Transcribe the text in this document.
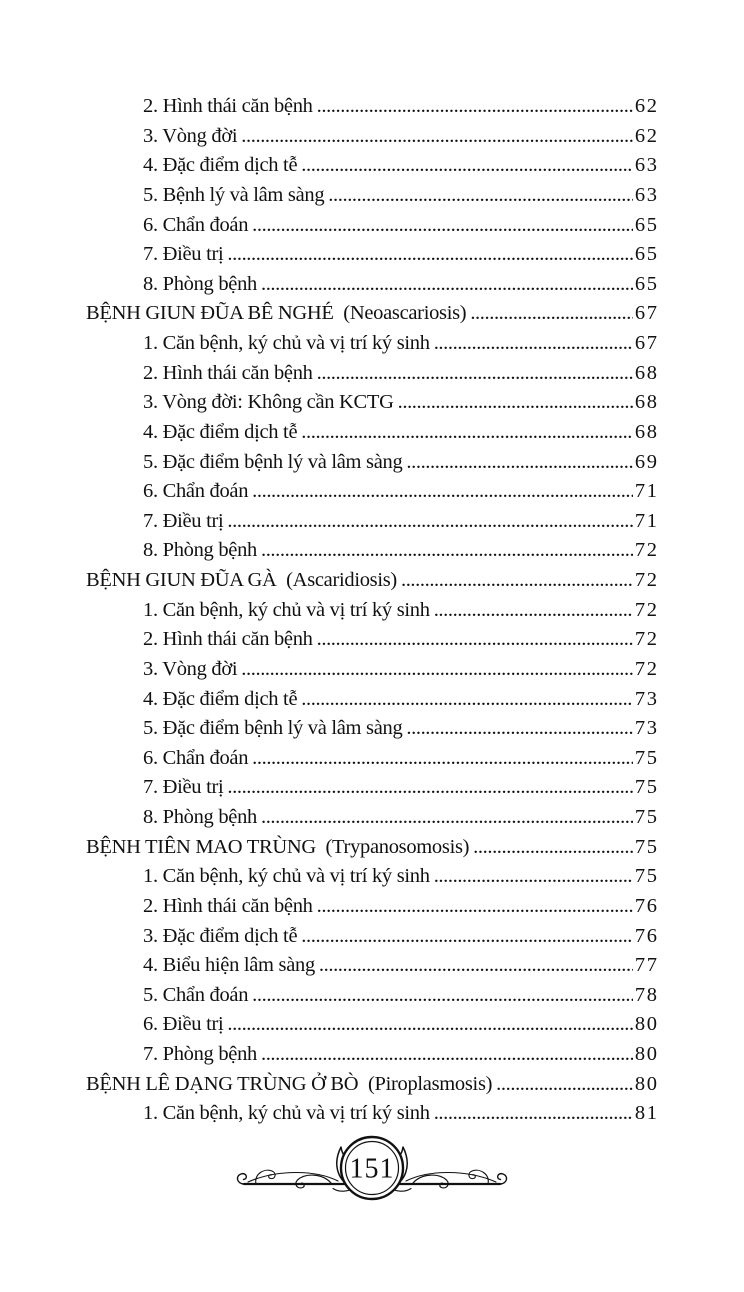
2. Hình thái căn bệnh .....	62
3. Vòng đời .....	62
4. Đặc điểm dịch tễ .....	63
5. Bệnh lý và lâm sàng .....	63
6. Chẩn đoán .....	65
7. Điều trị .....	65
8. Phòng bệnh .....	65
BỆNH GIUN ĐŨA BÊ NGHÉ  (Neoascariosis) .....	67
1. Căn bệnh, ký chủ và vị trí ký sinh .....	67
2. Hình thái căn bệnh .....	68
3. Vòng đời: Không cần KCTG .....	68
4. Đặc điểm dịch tễ .....	68
5. Đặc điểm bệnh lý và lâm sàng .....	69
6. Chẩn đoán .....	71
7. Điều trị .....	71
8. Phòng bệnh .....	72
BỆNH GIUN ĐŨA GÀ  (Ascaridiosis) .....	72
1. Căn bệnh, ký chủ và vị trí ký sinh .....	72
2. Hình thái căn bệnh .....	72
3. Vòng đời .....	72
4. Đặc điểm dịch tễ .....	73
5. Đặc điểm bệnh lý và lâm sàng .....	73
6. Chẩn đoán .....	75
7. Điều trị .....	75
8. Phòng bệnh .....	75
BỆNH TIÊN MAO TRÙNG  (Trypanosomosis) .....	75
1. Căn bệnh, ký chủ và vị trí ký sinh .....	75
2. Hình thái căn bệnh .....	76
3. Đặc điểm dịch tễ .....	76
4. Biểu hiện lâm sàng .....	77
5. Chẩn đoán .....	78
6. Điều trị .....	80
7. Phòng bệnh .....	80
BỆNH LÊ DẠNG TRÙNG Ở BÒ  (Piroplasmosis) .....	80
1. Căn bệnh, ký chủ và vị trí ký sinh .....	81
151
